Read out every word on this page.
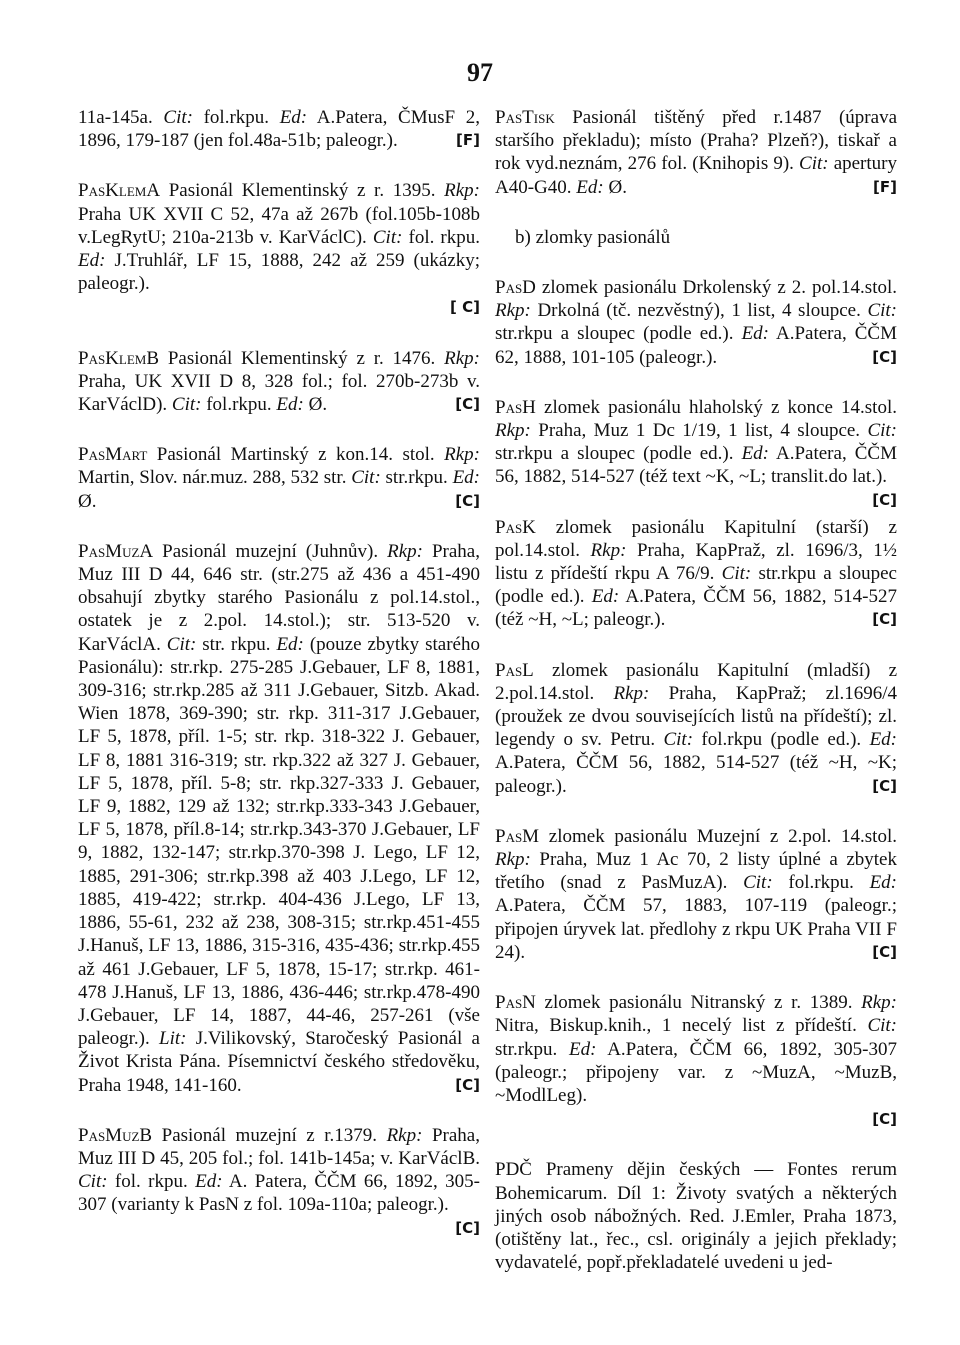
97
11a-145a. Cit: fol.rkpu. Ed: A.Patera, ČMusF 2, 1896, 179-187 (jen fol.48a-51b; paleogr.).	[F]
PasKlemA Pasionál Klementinský z r. 1395. Rkp: Praha UK XVII C 52, 47a až 267b (fol.105b-108b v.LegRytU; 210a-213b v. KarVáclC). Cit: fol. rkpu. Ed: J.Truhlář, LF 15, 1888, 242 až 259 (ukázky; paleogr.).
[ C]
PasKlemB Pasionál Klementinský z r. 1476. Rkp: Praha, UK XVII D 8, 328 fol.; fol. 270b-273b v. KarVáclD). Cit: fol.rkpu. Ed: Ø.	[C]
PasMart Pasionál Martinský z kon.14. stol. Rkp: Martin, Slov. nár.muz. 288, 532 str. Cit: str.rkpu. Ed: Ø.	[C]
PasMuzA Pasionál muzejní (Juhnův). Rkp: Praha, Muz III D 44, 646 str. (str.275 až 436 a 451-490 obsahují zbytky starého Pasionálu z pol.14.stol., ostatek je z 2.pol. 14.stol.); str. 513-520 v. KarVáclA. Cit: str. rkpu. Ed: (pouze zbytky starého Pasionálu): str.rkp. 275-285 J.Gebauer, LF 8, 1881, 309-316; str.rkp.285 až 311 J.Gebauer, Sitzb. Akad. Wien 1878, 369-390; str. rkp. 311-317 J.Gebauer, LF 5, 1878, příl. 1-5; str. rkp. 318-322 J. Gebauer, LF 8, 1881 316-319; str. rkp.322 až 327 J. Gebauer, LF 5, 1878, příl. 5-8; str. rkp.327-333 J. Gebauer, LF 9, 1882, 129 až 132; str.rkp.333-343 J.Gebauer, LF 5, 1878, příl.8-14; str.rkp.343-370 J.Gebauer, LF 9, 1882, 132-147; str.rkp.370-398 J. Lego, LF 12, 1885, 291-306; str.rkp.398 až 403 J.Lego, LF 12, 1885, 419-422; str.rkp. 404-436 J.Lego, LF 13, 1886, 55-61, 232 až 238, 308-315; str.rkp.451-455 J.Hanuš, LF 13, 1886, 315-316, 435-436; str.rkp.455 až 461 J.Gebauer, LF 5, 1878, 15-17; str.rkp. 461-478 J.Hanuš, LF 13, 1886, 436-446; str.rkp.478-490 J.Gebauer, LF 14, 1887, 44-46, 257-261 (vše paleogr.). Lit: J.Vilikovský, Staročeský Pasionál a Život Krista Pána. Písemnictví českého středověku, Praha 1948, 141-160.	[C]
PasMuzB Pasionál muzejní z r.1379. Rkp: Praha, Muz III D 45, 205 fol.; fol. 141b-145a; v. KarVáclB. Cit: fol. rkpu. Ed: A. Patera, ČČM 66, 1892, 305-307 (varianty k PasN z fol. 109a-110a; paleogr.).
[C]
PasTisk Pasionál tištěný před r.1487 (úprava staršího překladu); místo (Praha? Plzeň?), tiskař a rok vyd.neznám, 276 fol. (Knihopis 9). Cit: apertury A40-G40. Ed: Ø.	[F]
b) zlomky pasionálů
PasD zlomek pasionálu Drkolenský z 2. pol.14.stol. Rkp: Drkolná (tč. nezvěstný), 1 list, 4 sloupce. Cit: str.rkpu a sloupec (podle ed.). Ed: A.Patera, ČČM 62, 1888, 101-105 (paleogr.).	[C]
PasH zlomek pasionálu hlaholský z konce 14.stol. Rkp: Praha, Muz 1 Dc 1/19, 1 list, 4 sloupce. Cit: str.rkpu a sloupec (podle ed.). Ed: A.Patera, ČČM 56, 1882, 514-527 (též text ~K, ~L; translit.do lat.).
[C]
PasK zlomek pasionálu Kapitulní (starší) z pol.14.stol. Rkp: Praha, KapPraž, zl. 1696/3, 1½ listu z přídeští rkpu A 76/9. Cit: str.rkpu a sloupec (podle ed.). Ed: A.Patera, ČČM 56, 1882, 514-527 (též ~H, ~L; paleogr.).	[C]
PasL zlomek pasionálu Kapitulní (mladší) z 2.pol.14.stol. Rkp: Praha, KapPraž; zl.1696/4 (proužek ze dvou souvisejících listů na přídeští); zl. legendy o sv. Petru. Cit: fol.rkpu (podle ed.). Ed: A.Patera, ČČM 56, 1882, 514-527 (též ~H, ~K; paleogr.).	[C]
PasM zlomek pasionálu Muzejní z 2.pol. 14.stol. Rkp: Praha, Muz 1 Ac 70, 2 listy úplné a zbytek třetího (snad z PasMuzA). Cit: fol.rkpu. Ed: A.Patera, ČČM 57, 1883, 107-119 (paleogr.; připojen úryvek lat. předlohy z rkpu UK Praha VII F 24).	[C]
PasN zlomek pasionálu Nitranský z r. 1389. Rkp: Nitra, Biskup.knih., 1 necelý list z přídeští. Cit: str.rkpu. Ed: A.Patera, ČČM 66, 1892, 305-307 (paleogr.; připojeny var. z ~MuzA, ~MuzB, ~ModlLeg).
[C]
PDČ Prameny dějin českých — Fontes rerum Bohemicarum. Díl 1: Životy svatých a některých jiných osob nábožných. Red. J.Emler, Praha 1873, (otištěny lat., řec., csl. originály a jejich překlady; vydavatelé, popř.překladatelé uvedeni u jed-
